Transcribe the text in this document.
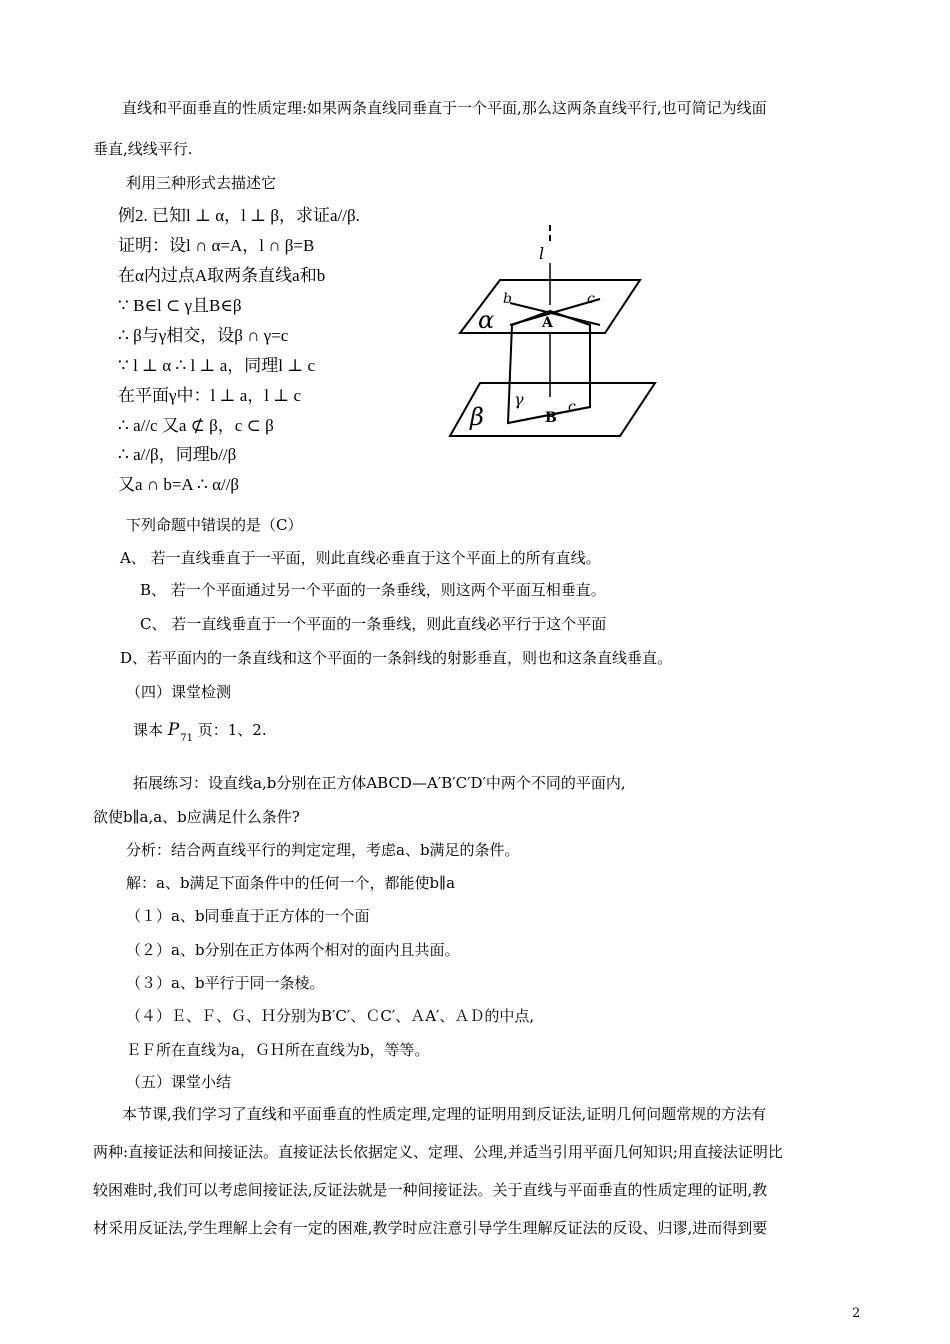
直线和平面垂直的性质定理:如果两条直线同垂直于一个平面,那么这两条直线平行,也可简记为线面
垂直,线线平行.
利用三种形式去描述它
例2. 已知l ⊥ α，l ⊥ β，求证a//β.
证明：设l ∩ α=A，l ∩ β=B
在α内过点A取两条直线a和b
∵ B∈l ⊂ γ且B∈β
∴ β与γ相交，设β ∩ γ=c
∵ l ⊥ α ∴ l ⊥ a，同理l ⊥ c
在平面γ中：l ⊥ a，l ⊥ c
∴ a//c 又a ⊄ β，c ⊂ β
∴ a//β，同理b//β
又a ∩ b=A ∴ α//β
l
b	c
A
α
γ
B
c
β
下列命题中错误的是（C）
A、 若一直线垂直于一平面，则此直线必垂直于这个平面上的所有直线。
B、 若一个平面通过另一个平面的一条垂线，则这两个平面互相垂直。
C、 若一直线垂直于一个平面的一条垂线，则此直线必平行于这个平面
D、若平面内的一条直线和这个平面的一条斜线的射影垂直，则也和这条直线垂直。
（四）课堂检测
课本 $P_{71}$ 页：1、2.
拓展练习：设直线a,b分别在正方体ABCD—A′B′C′D′中两个不同的平面内,
欲使b∥a,a、b应满足什么条件?
分析：结合两直线平行的判定定理，考虑a、b满足的条件。
解：a、b满足下面条件中的任何一个，都能使b∥a
（１）a、b同垂直于正方体的一个面
（２）a、b分别在正方体两个相对的面内且共面。
（３）a、b平行于同一条棱。
（４）Ｅ、Ｆ、Ｇ、Ｈ分别为B′C′、ＣC′、ＡA′、ＡＤ的中点,
ＥＦ所在直线为a，ＧＨ所在直线为b，等等。
（五）课堂小结
本节课,我们学习了直线和平面垂直的性质定理,定理的证明用到反证法,证明几何问题常规的方法有
两种:直接证法和间接证法。直接证法长依据定义、定理、公理,并适当引用平面几何知识;用直接法证明比
较困难时,我们可以考虑间接证法,反证法就是一种间接证法。关于直线与平面垂直的性质定理的证明,教
材采用反证法,学生理解上会有一定的困难,教学时应注意引导学生理解反证法的反设、归谬,进而得到要
2
